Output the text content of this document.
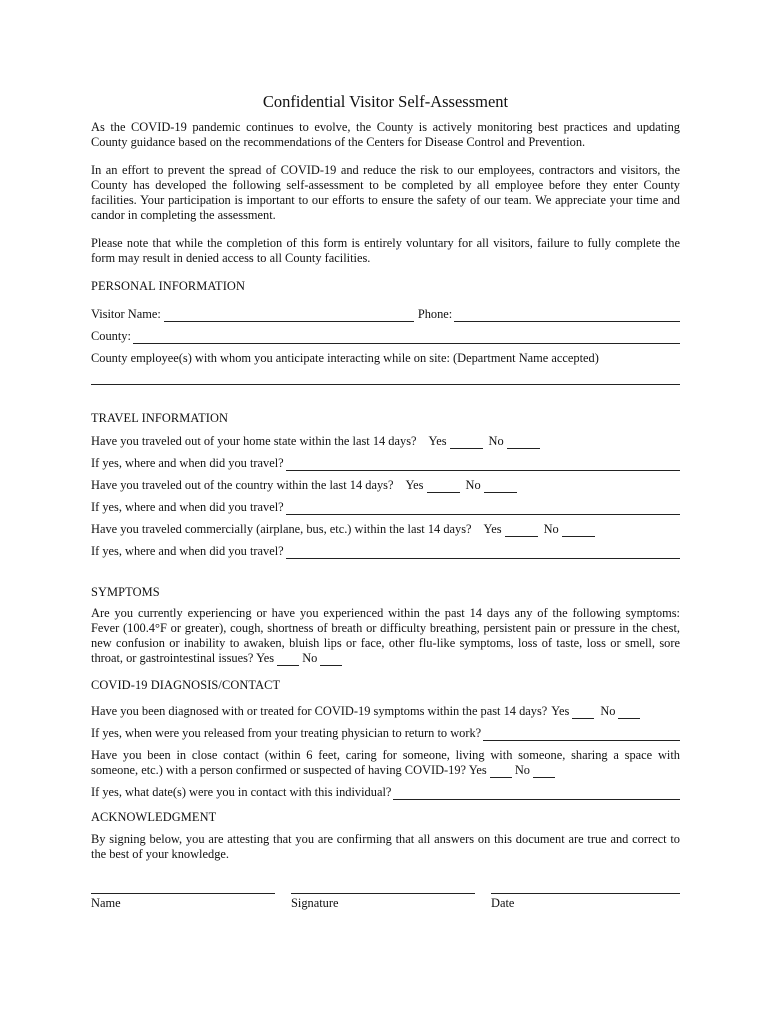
Confidential Visitor Self-Assessment

As the COVID-19 pandemic continues to evolve, the County is actively monitoring best practices and updating County guidance based on the recommendations of the Centers for Disease Control and Prevention.

In an effort to prevent the spread of COVID-19 and reduce the risk to our employees, contractors and visitors, the County has developed the following self-assessment to be completed by all employee before they enter County facilities. Your participation is important to our efforts to ensure the safety of our team. We appreciate your time and candor in completing the assessment.

Please note that while the completion of this form is entirely voluntary for all visitors, failure to fully complete the form may result in denied access to all County facilities.

PERSONAL INFORMATION
Visitor Name:	Phone:
County:
County employee(s) with whom you anticipate interacting while on site: (Department Name accepted)
TRAVEL INFORMATION
Have you traveled out of your home state within the last 14 days? Yes	No
If yes, where and when did you travel?
Have you traveled out of the country within the last 14 days? Yes	No
If yes, where and when did you travel?
Have you traveled commercially (airplane, bus, etc.) within the last 14 days? Yes	No
If yes, where and when did you travel?
SYMPTOMS

Are you currently experiencing or have you experienced within the past 14 days any of the following symptoms: Fever (100.4°F or greater), cough, shortness of breath or difficulty breathing, persistent pain or pressure in the chest, new confusion or inability to awaken, bluish lips or face, other flu-like symptoms, loss of taste, loss or smell, sore throat, or gastrointestinal issues? Yes No

COVID-19 DIAGNOSIS/CONTACT
Have you been diagnosed with or treated for COVID-19 symptoms within the past 14 days? Yes	No
If yes, when were you released from your treating physician to return to work?

Have you been in close contact (within 6 feet, caring for someone, living with someone, sharing a space with someone, etc.) with a person confirmed or suspected of having COVID-19? Yes No

If yes, what date(s) were you in contact with this individual?
ACKNOWLEDGMENT

By signing below, you are attesting that you are confirming that all answers on this document are true and correct to the best of your knowledge.

Name	Signature	Date
